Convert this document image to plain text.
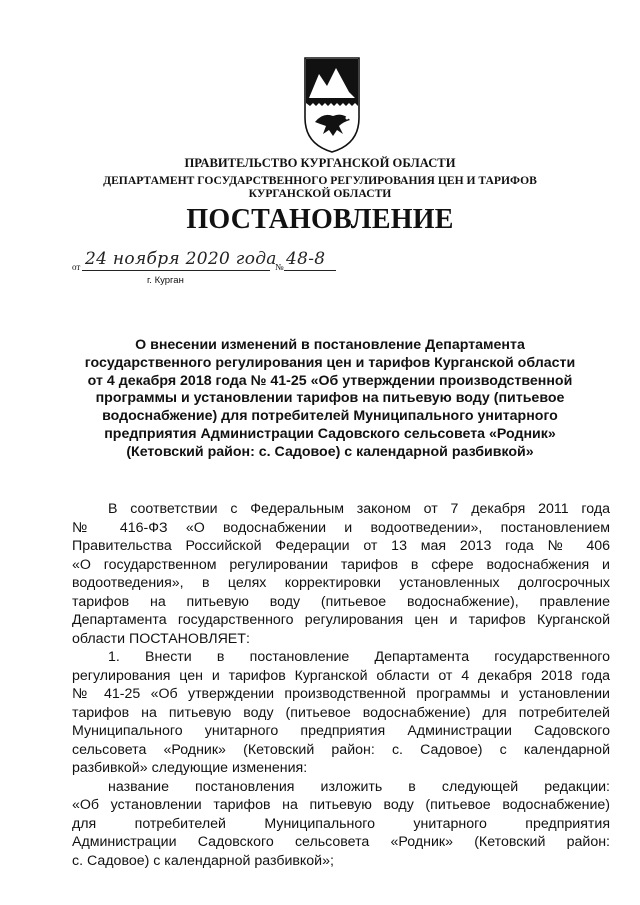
ПРАВИТЕЛЬСТВО КУРГАНСКОЙ ОБЛАСТИ
ДЕПАРТАМЕНТ ГОСУДАРСТВЕННОГО РЕГУЛИРОВАНИЯ ЦЕН И ТАРИФОВ
КУРГАНСКОЙ ОБЛАСТИ
ПОСТАНОВЛЕНИЕ
от 24 ноября 2020 года
№ 48-8
г. Курган
О внесении изменений в постановление Департамента
государственного регулирования цен и тарифов Курганской области
от 4 декабря 2018 года № 41-25 «Об утверждении производственной
программы и установлении тарифов на питьевую воду (питьевое
водоснабжение) для потребителей Муниципального унитарного
предприятия Администрации Садовского сельсовета «Родник»
(Кетовский район: с. Садовое) с календарной разбивкой»
В соответствии с Федеральным законом от 7 декабря 2011 года
№ 416-ФЗ «О водоснабжении и водоотведении», постановлением
Правительства Российской Федерации от 13 мая 2013 года № 406
«О государственном регулировании тарифов в сфере водоснабжения и
водоотведения», в целях корректировки установленных долгосрочных
тарифов на питьевую воду (питьевое водоснабжение), правление
Департамента государственного регулирования цен и тарифов Курганской
области ПОСТАНОВЛЯЕТ:
1. Внести в постановление Департамента государственного
регулирования цен и тарифов Курганской области от 4 декабря 2018 года
№ 41-25 «Об утверждении производственной программы и установлении
тарифов на питьевую воду (питьевое водоснабжение) для потребителей
Муниципального унитарного предприятия Администрации Садовского
сельсовета «Родник» (Кетовский район: с. Садовое) с календарной
разбивкой» следующие изменения:
название постановления изложить в следующей редакции:
«Об установлении тарифов на питьевую воду (питьевое водоснабжение)
для потребителей Муниципального унитарного предприятия
Администрации Садовского сельсовета «Родник» (Кетовский район:
с. Садовое) с календарной разбивкой»;
